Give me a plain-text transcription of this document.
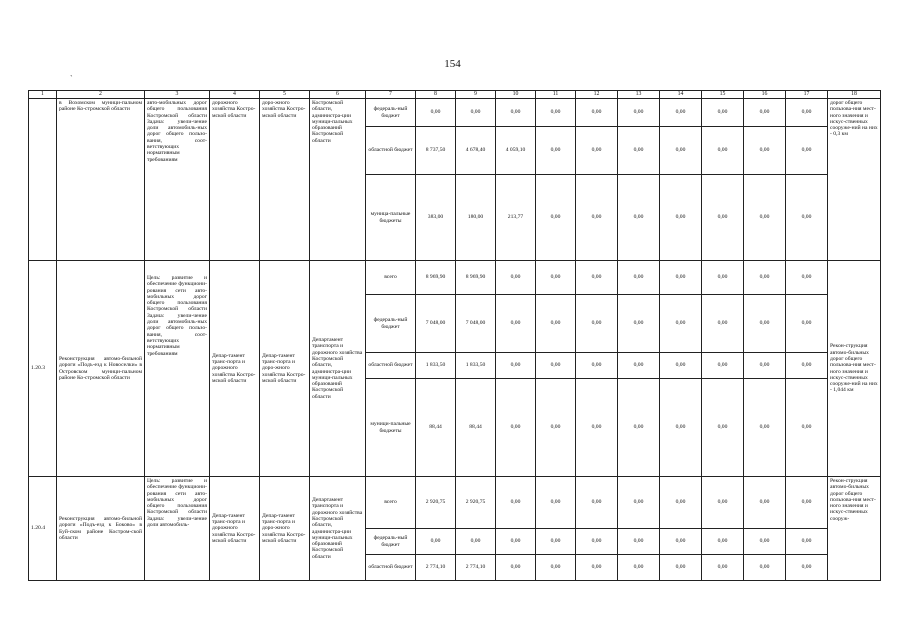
154
ˋ
1	2	3	4	5	6	7	8	9	10	11	12	13	14	15	16	17	18
	в Вохомском муници-пальном районе Ко-стромской области	авто-мобильных дорог общего пользования Костромской области Задача: увели-чение доли автомобиль-ных дорог общего пользо-вания, соот-ветствующих нормативным требованиям	дорожного хозяйства Костро-мской области	доро-жного хозяйства Костро-мской области	Костромской области, администра-ции муници-пальных образований Костромской области	федераль-ный бюджет	0,00	0,00	0,00	0,00	0,00	0,00	0,00	0,00	0,00	0,00	дорог общего пользова-ния мест-ного значения и искус-ственных сооруже-ний на них - 0,3 км
						областной бюджет	8 737,50	4 678,40	4 059,10	0,00	0,00	0,00	0,00	0,00	0,00	0,00	
						муница-пальные бюджеты	383,00	180,00	213,77	0,00	0,00	0,00	0,00	0,00	0,00	0,00	
1.20.3	Реконструкция автомо-бильной дороги «Подъ-езд к Новоселки» в Островском муници-пальном районе Ко-стромской области	Цель: развитие и обеспечение функциони-рования сети авто-мобильных дорог общего пользования Костромской области Задача: увели-чение доли автомобиль-ных дорог общего пользо-вания, соот-ветствующих нормативным требованиям	Депар-тамент транс-порта и дорожного хозяйства Костро-мской области	Депар-тамент транс-порта и доро-жного хозяйства Костро-мской области	Департамент транспорта и дорожного хозяйства Костромской области, администра-ции муници-пальных образований Костромской области	всего	8 969,90	8 969,90	0,00	0,00	0,00	0,00	0,00	0,00	0,00	0,00	Рекон-струкция автомо-бильных дорог общего пользова-ния мест-ного значения и искус-ственных сооруже-ний на них - 1,044 км
						федераль-ный бюджет	7 048,00	7 048,00	0,00	0,00	0,00	0,00	0,00	0,00	0,00	0,00	
						областной бюджет	1 833,50	1 833,50	0,00	0,00	0,00	0,00	0,00	0,00	0,00	0,00	
						муници-пальные бюджеты	88,44	88,44	0,00	0,00	0,00	0,00	0,00	0,00	0,00	0,00	
1.20.4	Реконструкция автомо-бильной дороги «Подъ-езд к Боково» в Буй-ском районе Костром-ской области	Цель: развитие и обеспечение функциони-рования сети авто-мобильных дорог общего пользования Костромской области Задача: увели-чение доли автомобиль-	Депар-тамент транс-порта и дорожного хозяйства Костро-мской области	Депар-тамент транс-порта и доро-жного хозяйства Костро-мской области	Департамент транспорта и дорожного хозяйства Костромской области, администра-ции муници-пальных образований Костромской области	всего	2 920,75	2 920,75	0,00	0,00	0,00	0,00	0,00	0,00	0,00	0,00	Рекон-струкция автомо-бильных дорог общего пользова-ния мест-ного значения и искус-ственных сооруж-
						федераль-ный бюджет	0,00	0,00	0,00	0,00	0,00	0,00	0,00	0,00	0,00	0,00	
						областной бюджет	2 774,10	2 774,10	0,00	0,00	0,00	0,00	0,00	0,00	0,00	0,00	
